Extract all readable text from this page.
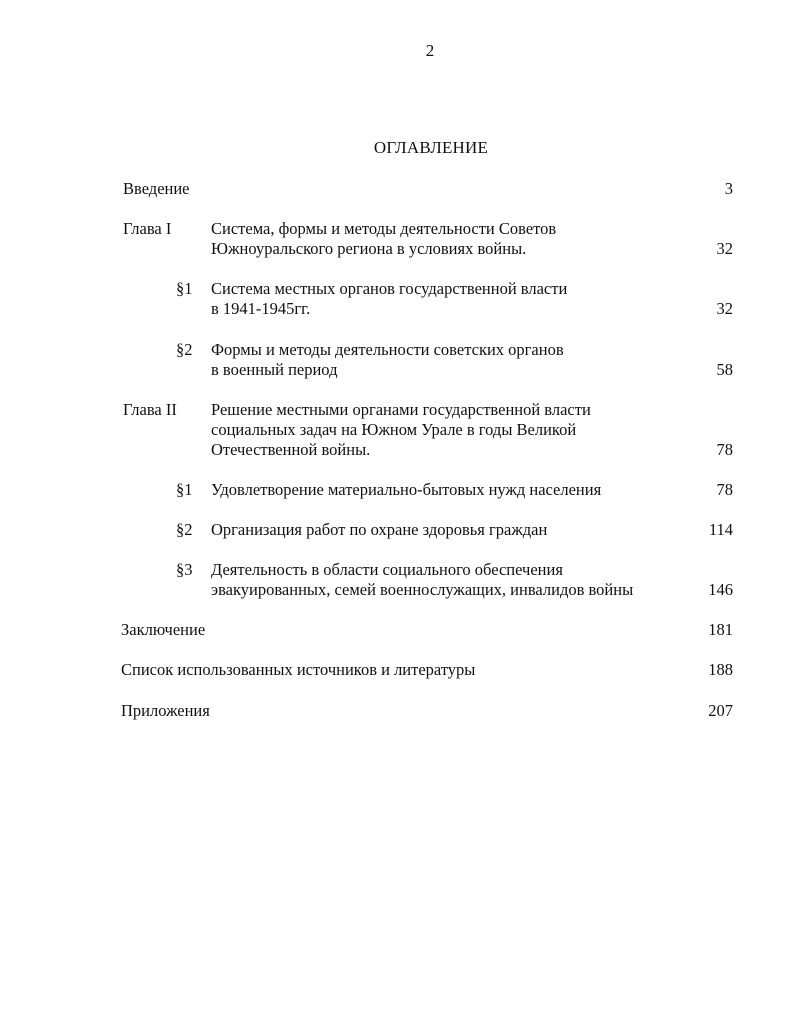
2
ОГЛАВЛЕНИЕ
Введение	3
Глава I Система, формы и методы деятельности Советов
Южноуральского региона в условиях войны.	32
§1 Система местных органов государственной власти
в 1941-1945гг.	32
§2 Формы и методы деятельности советских органов
в военный период	58
Глава II Решение местными органами государственной власти
социальных задач на Южном Урале в годы Великой
Отечественной войны.	78
§1 Удовлетворение материально-бытовых нужд населения	78
§2 Организация работ по охране здоровья граждан	114
§3 Деятельность в области социального обеспечения
эвакуированных, семей военнослужащих, инвалидов войны	146
Заключение	181
Список использованных источников и литературы	188
Приложения	207
